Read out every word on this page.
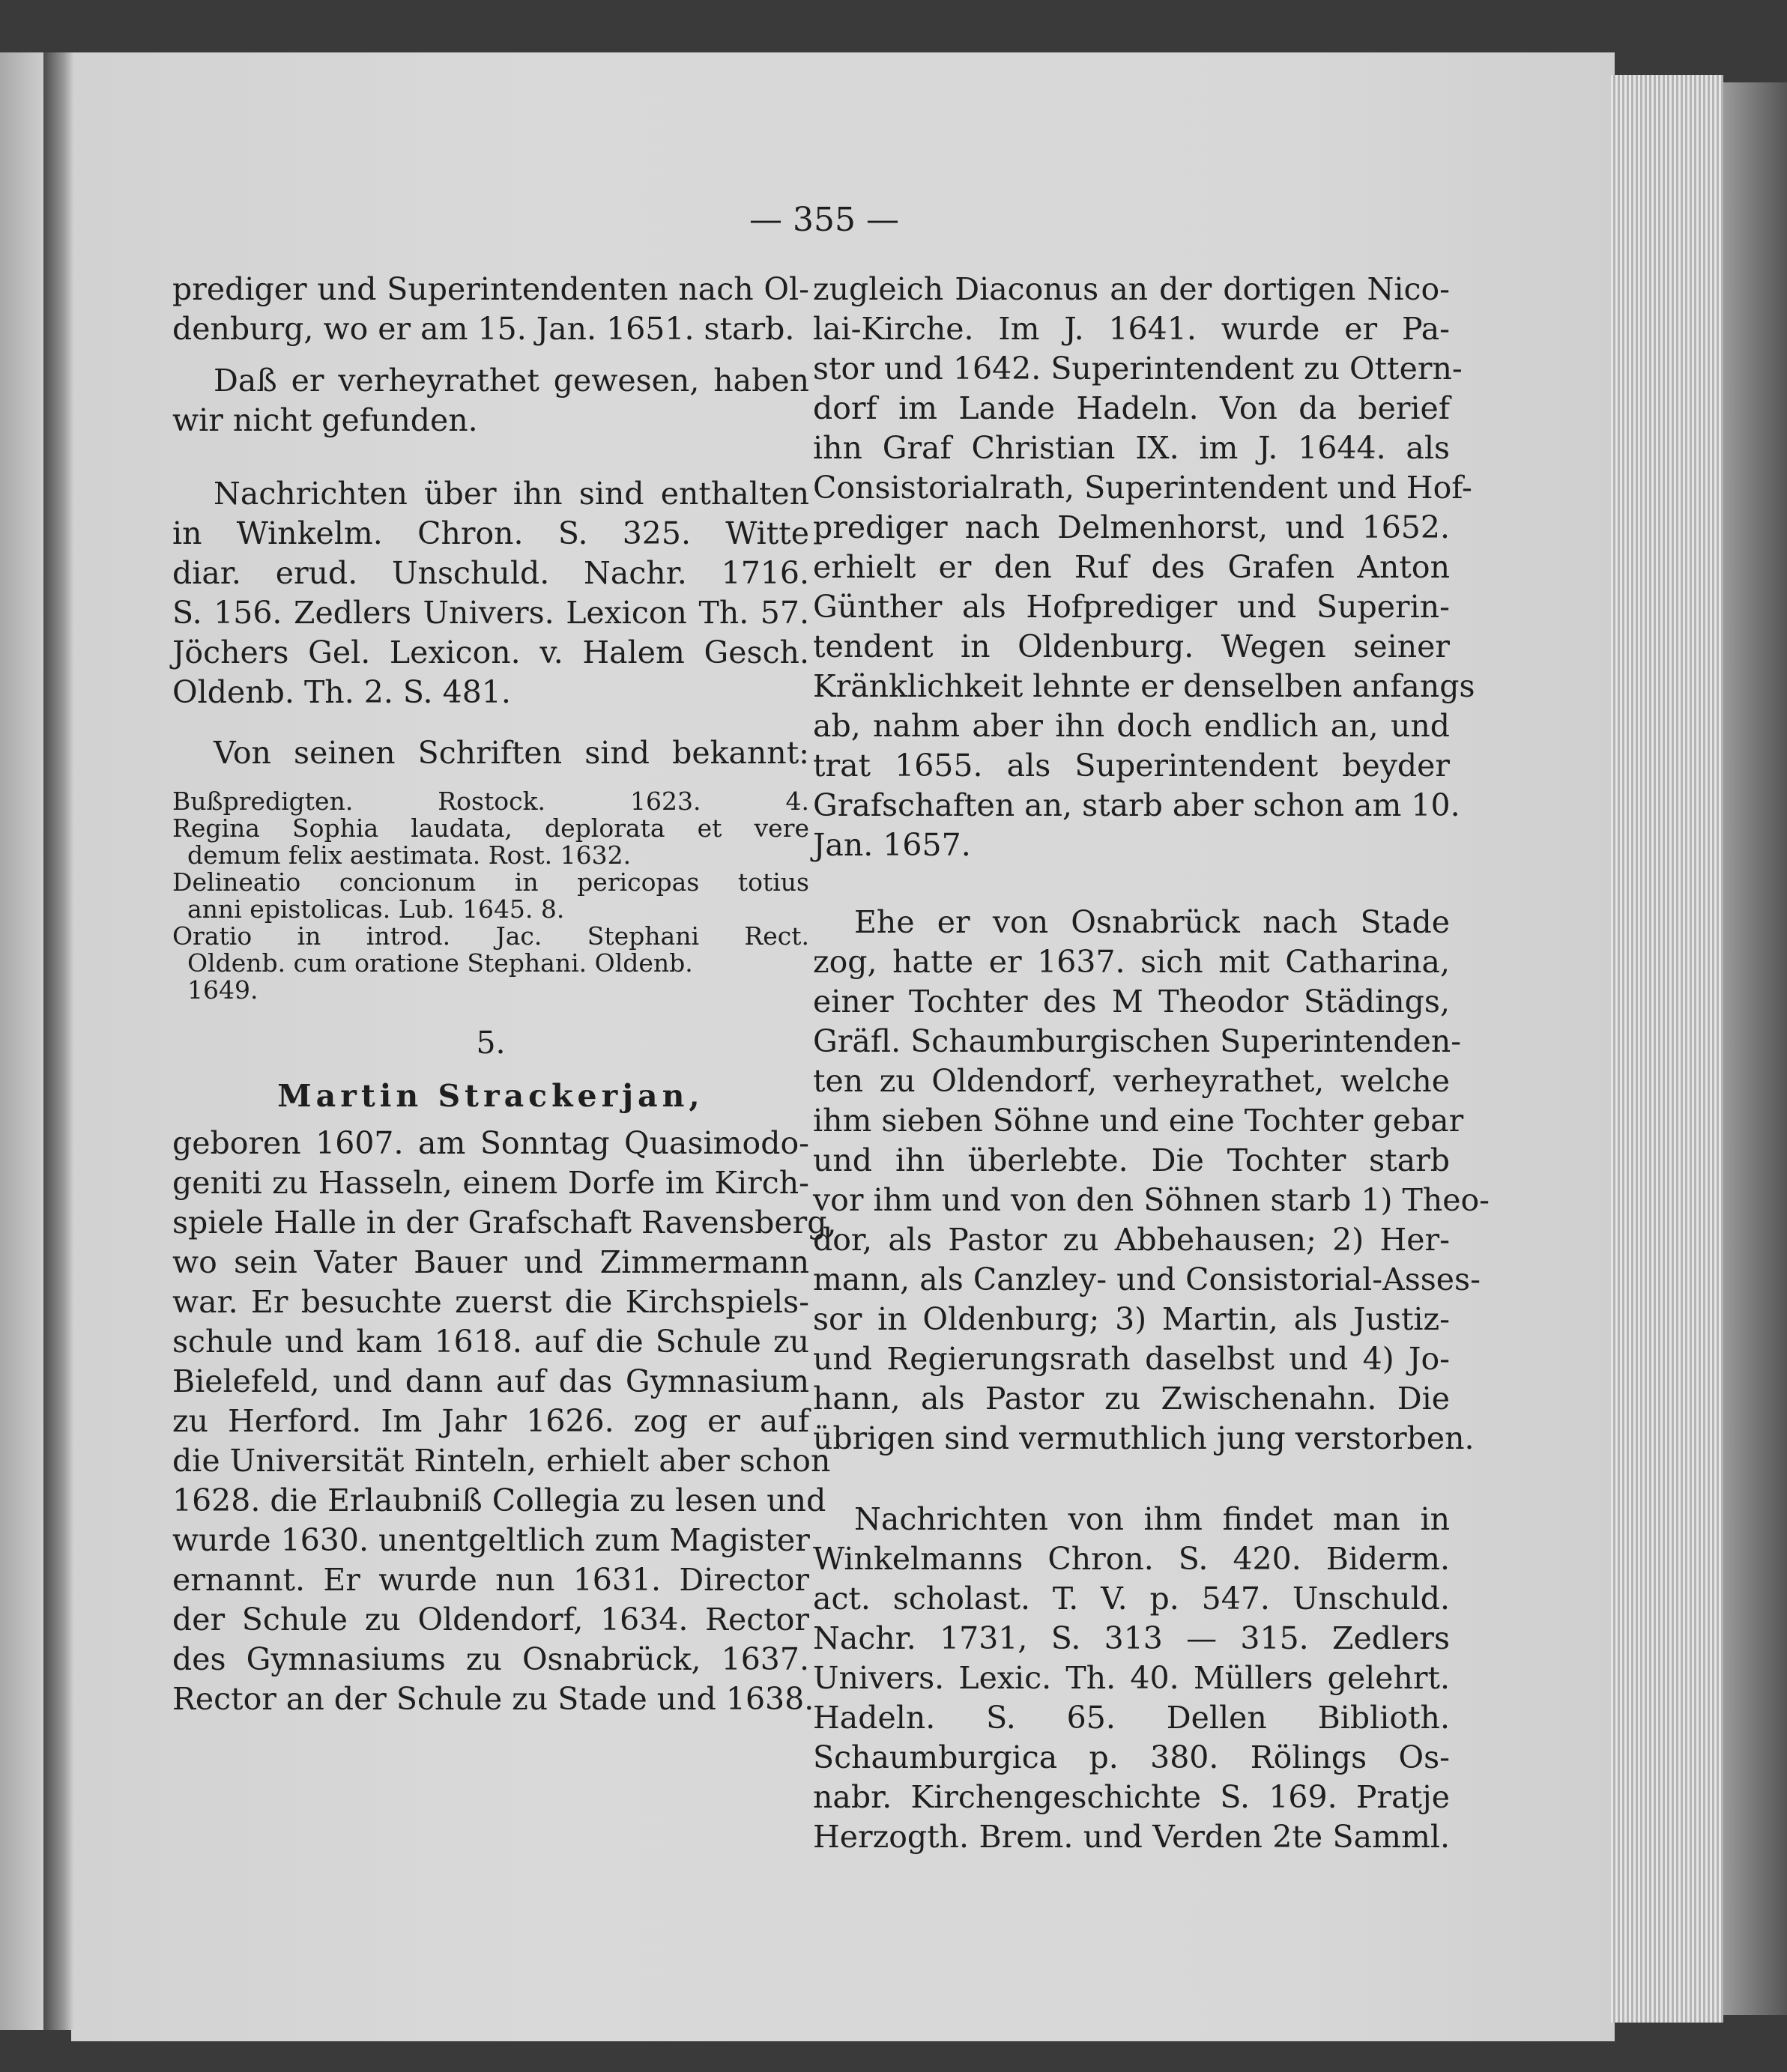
— 355 —
prediger und Superintendenten nach Ol-
denburg, wo er am 15. Jan. 1651. starb.
Daß er verheyrathet gewesen, haben
wir nicht gefunden.
Nachrichten über ihn sind enthalten
in Winkelm. Chron. S. 325. Witte
diar. erud. Unschuld. Nachr. 1716.
S. 156. Zedlers Univers. Lexicon Th. 57.
Jöchers Gel. Lexicon. v. Halem Gesch.
Oldenb. Th. 2. S. 481.
Von seinen Schriften sind bekannt:
Bußpredigten. Rostock. 1623. 4.
Regina Sophia laudata, deplorata et vere
demum felix aestimata. Rost. 1632.
Delineatio concionum in pericopas totius
anni epistolicas. Lub. 1645. 8.
Oratio in introd. Jac. Stephani Rect.
Oldenb. cum oratione Stephani. Oldenb.
1649.
5.
Martin Strackerjan,
geboren 1607. am Sonntag Quasimodo-
geniti zu Hasseln, einem Dorfe im Kirch-
spiele Halle in der Grafschaft Ravensberg,
wo sein Vater Bauer und Zimmermann
war. Er besuchte zuerst die Kirchspiels-
schule und kam 1618. auf die Schule zu
Bielefeld, und dann auf das Gymnasium
zu Herford. Im Jahr 1626. zog er auf
die Universität Rinteln, erhielt aber schon
1628. die Erlaubniß Collegia zu lesen und
wurde 1630. unentgeltlich zum Magister
ernannt. Er wurde nun 1631. Director
der Schule zu Oldendorf, 1634. Rector
des Gymnasiums zu Osnabrück, 1637.
Rector an der Schule zu Stade und 1638.
zugleich Diaconus an der dortigen Nico-
lai-Kirche. Im J. 1641. wurde er Pa-
stor und 1642. Superintendent zu Ottern-
dorf im Lande Hadeln. Von da berief
ihn Graf Christian IX. im J. 1644. als
Consistorialrath, Superintendent und Hof-
prediger nach Delmenhorst, und 1652.
erhielt er den Ruf des Grafen Anton
Günther als Hofprediger und Superin-
tendent in Oldenburg. Wegen seiner
Kränklichkeit lehnte er denselben anfangs
ab, nahm aber ihn doch endlich an, und
trat 1655. als Superintendent beyder
Grafschaften an, starb aber schon am 10.
Jan. 1657.
Ehe er von Osnabrück nach Stade
zog, hatte er 1637. sich mit Catharina,
einer Tochter des M Theodor Städings,
Gräfl. Schaumburgischen Superintenden-
ten zu Oldendorf, verheyrathet, welche
ihm sieben Söhne und eine Tochter gebar
und ihn überlebte. Die Tochter starb
vor ihm und von den Söhnen starb 1) Theo-
dor, als Pastor zu Abbehausen; 2) Her-
mann, als Canzley- und Consistorial-Asses-
sor in Oldenburg; 3) Martin, als Justiz-
und Regierungsrath daselbst und 4) Jo-
hann, als Pastor zu Zwischenahn. Die
übrigen sind vermuthlich jung verstorben.
Nachrichten von ihm findet man in
Winkelmanns Chron. S. 420. Biderm.
act. scholast. T. V. p. 547. Unschuld.
Nachr. 1731, S. 313 — 315. Zedlers
Univers. Lexic. Th. 40. Müllers gelehrt.
Hadeln. S. 65. Dellen Biblioth.
Schaumburgica p. 380. Rölings Os-
nabr. Kirchengeschichte S. 169. Pratje
Herzogth. Brem. und Verden 2te Samml.
